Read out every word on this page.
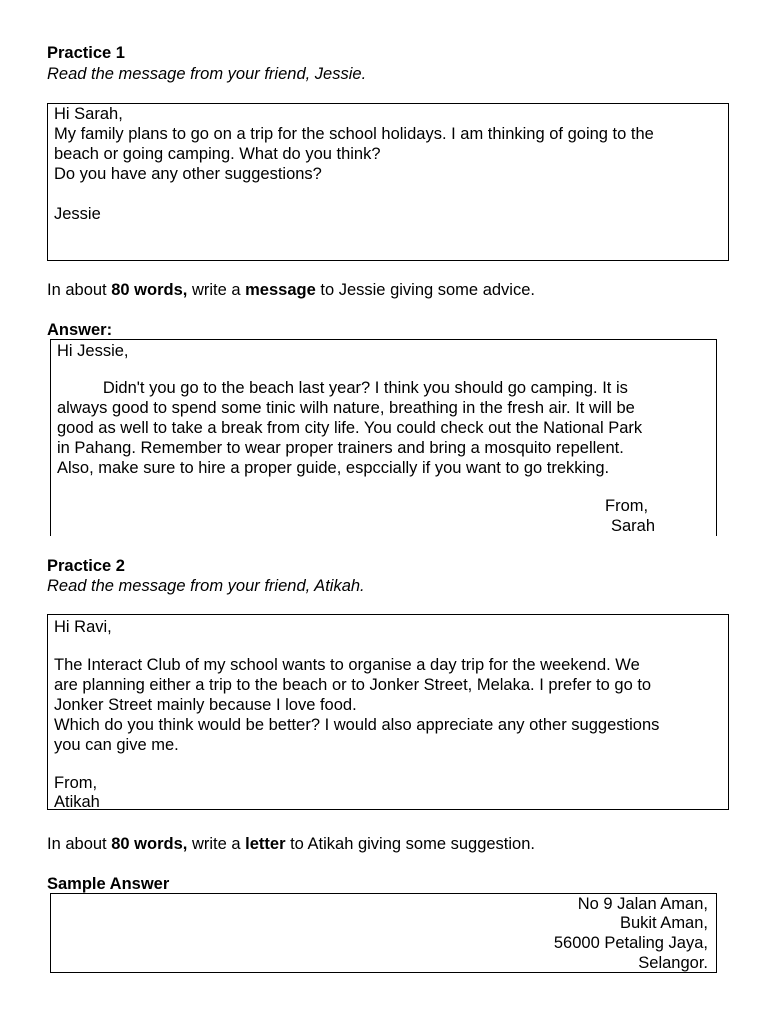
Practice 1
Read the message from your friend, Jessie.
Hi Sarah,
My family plans to go on a trip for the school holidays. I am thinking of going to the
beach or going camping. What do you think?
Do you have any other suggestions?
Jessie
In about 80 words, write a message to Jessie giving some advice.
Answer:
Hi Jessie,
Didn't you go to the beach last year? I think you should go camping. It is
always good to spend some tinic wilh nature, breathing in the fresh air. It will be
good as well to take a break from city life. You could check out the National Park
in Pahang. Remember to wear proper trainers and bring a mosquito repellent.
Also, make sure to hire a proper guide, espccially if you want to go trekking.
From,
Sarah
Practice 2
Read the message from your friend, Atikah.
Hi Ravi,
The Interact Club of my school wants to organise a day trip for the weekend. We
are planning either a trip to the beach or to Jonker Street, Melaka. I prefer to go to
Jonker Street mainly because I love food.
Which do you think would be better? I would also appreciate any other suggestions
you can give me.
From,
Atikah
In about 80 words, write a letter to Atikah giving some suggestion.
Sample Answer
No 9 Jalan Aman,
Bukit Aman,
56000 Petaling Jaya,
Selangor.
